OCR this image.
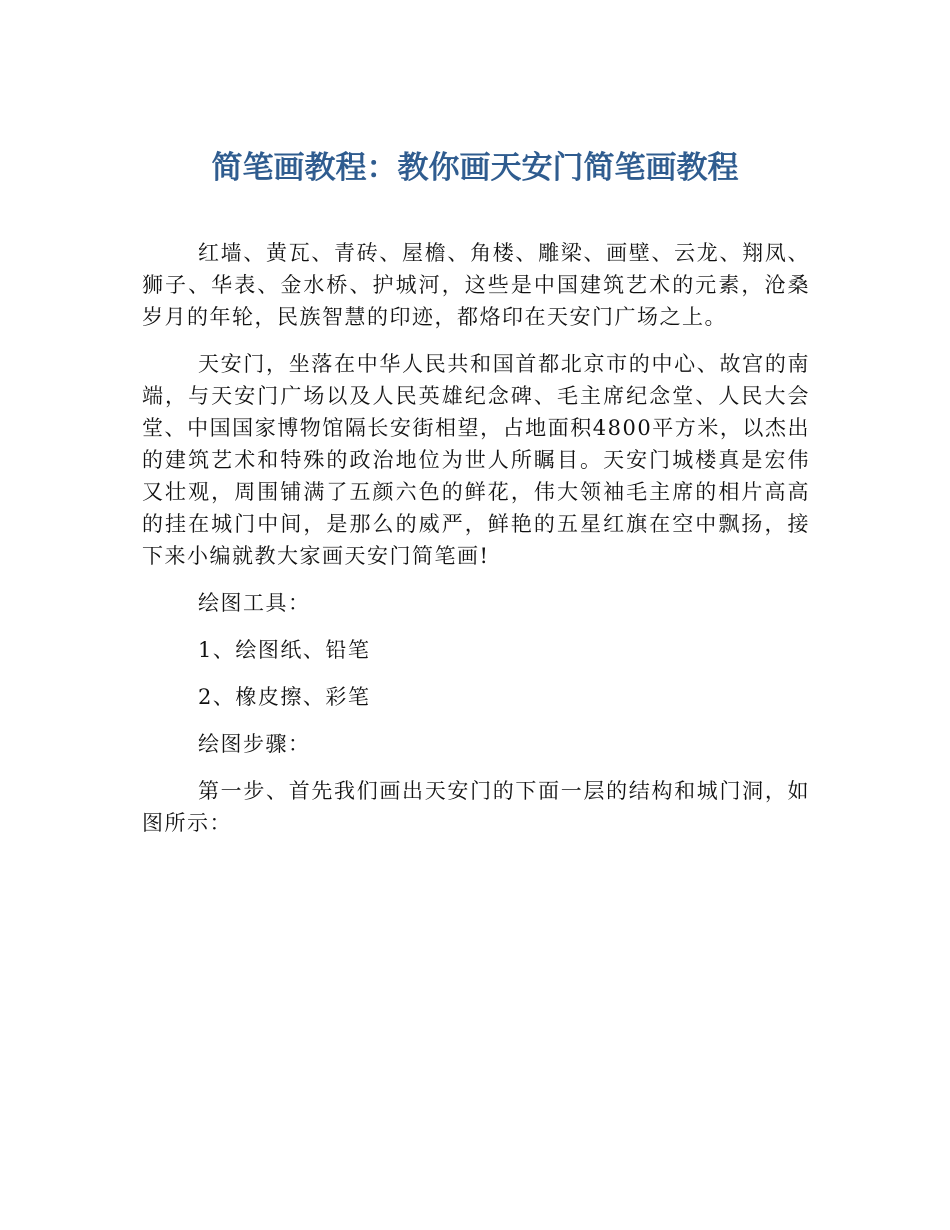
简笔画教程：教你画天安门简笔画教程

红墙、黄瓦、青砖、屋檐、角楼、雕梁、画壁、云龙、翔凤、狮子、华表、金水桥、护城河，这些是中国建筑艺术的元素，沧桑岁月的年轮，民族智慧的印迹，都烙印在天安门广场之上。

天安门，坐落在中华人民共和国首都北京市的中心、故宫的南端，与天安门广场以及人民英雄纪念碑、毛主席纪念堂、人民大会堂、中国国家博物馆隔长安街相望，占地面积4800平方米，以杰出的建筑艺术和特殊的政治地位为世人所瞩目。天安门城楼真是宏伟又壮观，周围铺满了五颜六色的鲜花，伟大领袖毛主席的相片高高的挂在城门中间，是那么的威严，鲜艳的五星红旗在空中飘扬，接下来小编就教大家画天安门简笔画!

绘图工具：

1、绘图纸、铅笔

2、橡皮擦、彩笔

绘图步骤：

第一步、首先我们画出天安门的下面一层的结构和城门洞，如图所示：
